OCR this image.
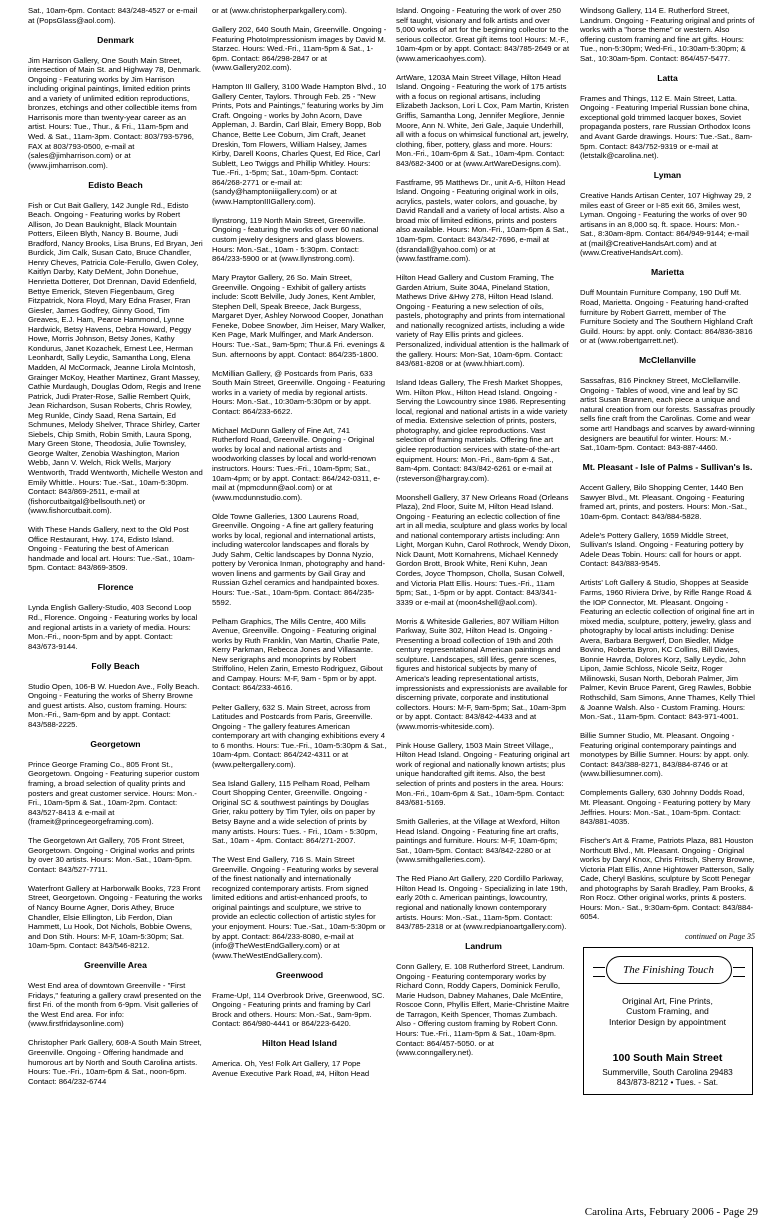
Sat., 10am-6pm. Contact: 843/248-4527 or e-mail at (PopsGlass@aol.com).
Denmark
Jim Harrison Gallery, One South Main Street, intersection of Main St. and Highway 78, Denmark. Ongoing - Featuring works by Jim Harrison including original paintings, limited edition prints and a variety of unlimited edition reproductions, bronzes, etchings and other collectible items from Harrisonis more than twenty-year career as an artist. Hours: Tue., Thur., & Fri., 11am-5pm and Wed. & Sat., 11am-3pm. Contact: 803/793-5796, FAX at 803/793-0500, e-mail at (sales@jimharrison.com) or at (www.jimharrison.com).
Edisto Beach
Fish or Cut Bait Gallery, 142 Jungle Rd., Edisto Beach. Ongoing - Featuring works by Robert Allison, Jo Dean Bauknight, Black Mountain Potters, Eileen Blyth, Nancy B. Bourne, Judi Bradford, Nancy Brooks, Lisa Bruns, Ed Bryan, Jeri Burdick, Jim Calk, Susan Cato, Bruce Chandler, Henry Cheves, Patricia Cole-Ferullo, Gwen Coley, Kaitlyn Darby, Katy DeMent, John Donehue, Henrietta Dotterer, Dot Drennan, David Edenfield, Bettye Emerick, Steven Fiegenbaum, Greg Fitzpatrick, Nora Floyd, Mary Edna Fraser, Fran Giesler, James Godfrey, Ginny Good, Tim Greaves, E.J. Ham, Pearce Hammond, Lynne Hardwick, Betsy Havens, Debra Howard, Peggy Howe, Morris Johnson, Betsy Jones, Kathy Kondurus, Janet Kozachek, Ernest Lee, Herman Leonhardt, Sally Leydic, Samantha Long, Elena Madden, Al McCormack, Jeanne Lirola McIntosh, Grainger McKoy, Heather Martinez, Grant Massey, Cathie Murdaugh, Douglas Odom, Regis and Irene Patrick, Judi Prater-Rose, Sallie Rembert Quirk, Jean Richardson, Susan Roberts, Chris Rowley, Meg Runkle, Cindy Saad, Rena Sartain, Ed Schmunes, Melody Shelver, Thrace Shirley, Carter Siebels, Chip Smith, Robin Smith, Laura Spong, Mary Green Stone, Theodosia, Julie Townsley, George Walter, Zenobia Washington, Marion Webb, Jann V. Welch, Rick Wells, Marjory Wentworth, Tradd Wentworth, Michelle Weston and Emily Whittle.. Hours: Tue.-Sat., 10am-5:30pm. Contact: 843/869-2511, e-mail at (fishorcutbaitgal@bellsouth.net) or (www.fishorcutbait.com).
With These Hands Gallery, next to the Old Post Office Restaurant, Hwy. 174, Edisto Island. Ongoing - Featuring the best of American handmade and local art. Hours: Tue.-Sat., 10am-5pm. Contact: 843/869-3509.
Florence
Lynda English Gallery-Studio, 403 Second Loop Rd., Florence. Ongoing - Featuring works by local and regional artists in a variety of media. Hours: Mon.-Fri., noon-5pm and by appt. Contact: 843/673-9144.
Folly Beach
Studio Open, 106-B W. Huedon Ave., Folly Beach. Ongoing - Featuring the works of Sherry Browne and guest artists. Also, custom framing. Hours: Mon.-Fri., 9am-6pm and by appt. Contact: 843/588-2225.
Georgetown
Prince George Framing Co., 805 Front St., Georgetown. Ongoing - Featuring superior custom framing, a broad selection of quality prints and posters and great customer service. Hours: Mon.-Fri., 10am-5pm & Sat., 10am-2pm. Contact: 843/527-8413 & e-mail at (frameit@princegeorgeframing.com).
The Georgetown Art Gallery, 705 Front Street, Georgetown. Ongoing - Original works and prints by over 30 artists. Hours: Mon.-Sat., 10am-5pm. Contact: 843/527-7711.
Waterfront Gallery at Harborwalk Books, 723 Front Street, Georgetown. Ongoing - Featuring the works of Nancy Bourne Agner, Doris Athey, Bruce Chandler, Elsie Ellington, Lib Ferdon, Dian Hammett, Lu Hook, Dot Nichols, Bobbie Owens, and Don Stih. Hours: M-F, 10am-5:30pm; Sat. 10am-5pm. Contact: 843/546-8212.
Greenville Area
West End area of downtown Greenville - "First Fridays," featuring a gallery crawl presented on the first Fri. of the month from 6-9pm. Visit galleries of the West End area. For info: (www.firstfridaysonline.com)
Christopher Park Gallery, 608-A South Main Street, Greenville. Ongoing - Offering handmade and humorous art by North and South Carolina artists. Hours: Tue.-Fri., 10am-6pm & Sat., noon-6pm. Contact: 864/232-6744
or at (www.christopherparkgallery.com).
Gallery 202, 640 South Main, Greenville. Ongoing - Featuring PhotoImpressionism images by David M. Starzec. Hours: Wed.-Fri., 11am-5pm & Sat., 1-6pm. Contact: 864/298-2847 or at (www.Gallery202.com).
Hampton III Gallery, 3100 Wade Hampton Blvd., 10 Gallery Center, Taylors. Through Feb. 25 - "New Prints, Pots and Paintings," featuring works by Jim Craft. Ongoing - works by John Acorn, Dave Appleman, J. Bardin, Carl Blair, Emery Bopp, Bob Chance, Bette Lee Coburn, Jim Craft, Jeanet Dreskin, Tom Flowers, William Halsey, James Kirby, Darell Koons, Charles Quest, Ed Rice, Carl Sublett, Leo Twiggs and Phillip Whitley. Hours: Tue.-Fri., 1-5pm; Sat., 10am-5pm. Contact: 864/268-2771 or e-mail at: (sandy@hamptoniiigallery.com) or at (www.HamptonIIIGallery.com).
Ilynstrong, 119 North Main Street, Greenville. Ongoing - featuring the works of over 60 national custom jewelry designers and glass blowers. Hours: Mon.-Sat., 10am - 5:30pm. Contact: 864/233-5900 or at (www.Ilynstrong.com).
Mary Praytor Gallery, 26 So. Main Street, Greenville. Ongoing - Exhibit of gallery artists include: Scott Belville, Judy Jones, Kent Ambler, Stephen Dell, Speak Breece, Jack Burgess, Margaret Dyer, Ashley Norwood Cooper, Jonathan Feneke, Dobee Snowber, Jim Heiser, Mary Walker, Ken Page, Mark Mulfinger, and Mark Anderson. Hours: Tue.-Sat., 9am-5pm; Thur.& Fri. evenings & Sun. afternoons by appt. Contact: 864/235-1800.
McMillian Gallery, @ Postcards from Paris, 633 South Main Street, Greenville. Ongoing - Featuring works in a variety of media by regional artists. Hours: Mon.-Sat., 10:30am-5:30pm or by appt. Contact: 864/233-6622.
Michael McDunn Gallery of Fine Art, 741 Rutherford Road, Greenville. Ongoing - Original works by local and national artists and woodworking classes by local and world-renown instructors. Hours: Tues.-Fri., 10am-5pm; Sat., 10am-4pm; or by appt. Contact: 864/242-0311, e-mail at (mpmcdunn@aol.com) or at (www.mcdunnstudio.com).
Olde Towne Galleries, 1300 Laurens Road, Greenville. Ongoing - A fine art gallery featuring works by local, regional and international artists, including watercolor landscapes and florals by Judy Sahm, Celtic landscapes by Donna Nyzio, pottery by Veronica Inman, photography and hand-woven linens and garments by Gail Gray and Russian Gzhel ceramics and handpainted boxes. Hours: Tue.-Sat., 10am-5pm. Contact: 864/235-5592.
Pelham Graphics, The Mills Centre, 400 Mills Avenue, Greenville. Ongoing - Featuring original works by Ruth Franklin, Van Martin, Charlie Pate, Kerry Parkman, Rebecca Jones and Villasante. New serigraphs and monoprints by Robert Striffolino, Helen Zarin, Ernesto Rodriguez, Gibout and Campay. Hours: M-F, 9am - 5pm or by appt. Contact: 864/233-4616.
Pelter Gallery, 632 S. Main Street, across from Latitudes and Postcards from Paris, Greenville. Ongoing - The gallery features American contemporary art with changing exhibitions every 4 to 6 months. Hours: Tue.-Fri., 10am-5:30pm & Sat., 10am-4pm. Contact: 864/242-4311 or at (www.peltergallery.com).
Sea Island Gallery, 115 Pelham Road, Pelham Court Shopping Center, Greenville. Ongoing - Original SC & southwest paintings by Douglas Grier, raku pottery by Tim Tyler, oils on paper by Betsy Bayne and a wide selection of prints by many artists. Hours: Tues. - Fri., 10am - 5:30pm, Sat., 10am - 4pm. Contact: 864/271-2007.
The West End Gallery, 716 S. Main Street Greenville. Ongoing - Featuring works by several of the finest nationally and internationally recognized contemporary artists. From signed limited editions and artist-enhanced proofs, to original paintings and sculpture, we strive to provide an eclectic collection of artistic styles for your enjoyment. Hours: Tue.-Sat., 10am-5:30pm or by appt. Contact: 864/233-8080, e-mail at (info@TheWestEndGallery.com) or at (www.TheWestEndGallery.com).
Greenwood
Frame-Up!, 114 Overbrook Drive, Greenwood, SC. Ongoing - Featuring prints and framing by Carl Brock and others. Hours: Mon.-Sat., 9am-9pm. Contact: 864/980-4441 or 864/223-6420.
Hilton Head Island
America. Oh, Yes! Folk Art Gallery, 17 Pope Avenue Executive Park Road, #4, Hilton Head
Island. Ongoing - Featuring the work of over 250 self taught, visionary and folk artists and over 5,000 works of art for the beginning collector to the serious collector. Great gift items too! Hours: M.-F., 10am-4pm or by appt. Contact: 843/785-2649 or at (www.americaohyes.com).
ArtWare, 1203A Main Street Village, Hilton Head Island. Ongoing - Featuring the work of 175 artists with a focus on regional artisans, including Elizabeth Jackson, Lori L Cox, Pam Martin, Kristen Griffis, Samantha Long, Jennifer Megliore, Jennie Moore, Ann N. White, Jeri Gale, Jaquie Underhill, all with a focus on whimsical functional art, jewelry, clothing, fiber, pottery, glass and more. Hours: Mon.-Fri., 10am-6pm & Sat., 10am-4pm. Contact: 843/682-3400 or at (www.ArtWareDesigns.com).
Fastframe, 95 Matthews Dr., unit A-6, Hilton Head Island. Ongoing - Featuring original work in oils, acrylics, pastels, water colors, and gouache, by David Randall and a variety of local artists. Also a broad mix of limited editions, prints and posters also available. Hours: Mon.-Fri., 10am-6pm & Sat., 10am-5pm. Contact: 843/342-7696, e-mail at (dsrandall@yahoo.com) or at (www.fastframe.com).
Hilton Head Gallery and Custom Framing, The Garden Atrium, Suite 304A, Pineland Station, Mathews Drive &Hwy 278, Hilton Head Island. Ongoing - Featuring a new selection of oils, pastels, photography and prints from international and nationally recognized artists, including a wide variety of Ray Ellis prints and giclees. Personalized, individual attention is the hallmark of the gallery. Hours: Mon-Sat, 10am-6pm. Contact: 843/681-8208 or at (www.hhiart.com).
Island Ideas Gallery, The Fresh Market Shoppes, Wm. Hilton Pkw., Hilton Head Island. Ongoing - Serving the Lowcountry since 1986. Representing local, regional and national artists in a wide variety of media. Extensive selection of prints, posters, photography, and giclee reproductions. Vast selection of framing materials. Offering fine art giclee reproduction services with state-of-the-art equipment. Hours: Mon.-Fri., 8am-6pm & Sat., 8am-4pm. Contact: 843/842-6261 or e-mail at (rsteverson@hargray.com).
Moonshell Gallery, 37 New Orleans Road (Orleans Plaza), 2nd Floor, Suite M, Hilton Head Island. Ongoing - Featuring an eclectic collection of fine art in all media, sculpture and glass works by local and national contemporary artists including: Ann Light, Morgan Kuhn, Carol Rothrock, Wendy Dixon, Nick Daunt, Mott Kornahrens, Michael Kennedy Gordon Brott, Brook White, Reni Kuhn, Jean Cordes, Joyce Thompson, Cholla, Susan Colwell, and Victoria Platt Ellis. Hours: Tues.-Fri., 11am 5pm; Sat., 1-5pm or by appt. Contact: 843/341-3339 or e-mail at (moon4shell@aol.com).
Morris & Whiteside Galleries, 807 William Hilton Parkway, Suite 302, Hilton Head Is. Ongoing - Presenting a broad collection of 19th and 20th century representational American paintings and sculpture. Landscapes, still lifes, genre scenes, figures and historical subjects by many of America's leading representational artists, impressionists and expressionists are available for discerning private, corporate and institutional collectors. Hours: M-F, 9am-5pm; Sat., 10am-3pm or by appt. Contact: 843/842-4433 and at (www.morris-whiteside.com).
Pink House Gallery, 1503 Main Street Village,, Hilton Head Island. Ongoing - Featuring original art work of regional and nationally known artists; plus unique handcrafted gift items. Also, the best selection of prints and posters in the area. Hours: Mon.-Fri., 10am-6pm & Sat., 10am-5pm. Contact: 843/681-5169.
Smith Galleries, at the Village at Wexford, Hilton Head Island. Ongoing - Featuring fine art crafts, paintings and furniture. Hours: M-F, 10am-6pm; Sat., 10am-5pm. Contact: 843/842-2280 or at (www.smithgalleries.com).
The Red Piano Art Gallery, 220 Cordillo Parkway, Hilton Head Is. Ongoing - Specializing in late 19th, early 20th c. American paintings, lowcountry, regional and nationally known contemporary artists. Hours: Mon.-Sat., 11am-5pm. Contact: 843/785-2318 or at (www.redpianoartgallery.com).
Landrum
Conn Gallery, E. 108 Rutherford Street, Landrum. Ongoing - Featuring contemporary works by Richard Conn, Roddy Capers, Dominick Ferullo, Marie Hudson, Dabney Mahanes, Dale McEntire, Roscoe Conn, Phyllis Elfert, Marie-Christine Maitre de Tarragon, Keith Spencer, Thomas Zumbach. Also - Offering custom framing by Robert Conn. Hours: Tue.-Fri., 11am-5pm & Sat., 10am-8pm. Contact: 864/457-5050. or at (www.conngallery.net).
Windsong Gallery, 114 E. Rutherford Street, Landrum. Ongoing - Featuring original and prints of works with a "horse theme" or western. Also offering custom framing and fine art gifts. Hours: Tue., non-5:30pm; Wed-Fri., 10:30am-5:30pm; & Sat., 10:30am-5pm. Contact: 864/457-5477.
Latta
Frames and Things, 112 E. Main Street, Latta. Ongoing - Featuring Imperial Russian bone china, exceptional gold trimmed lacquer boxes, Soviet propaganda posters, rare Russian Orthodox Icons and Avant Garde drawings. Hours: Tue.-Sat., 8am-5pm. Contact: 843/752-9319 or e-mail at (letstalk@carolina.net).
Lyman
Creative Hands Artisan Center, 107 Highway 29, 2 miles east of Greer or I-85 exit 66, 3miles west, Lyman. Ongoing - Featuring the works of over 90 artisans in an 8,000 sq. ft. space. Hours: Mon.-Sat., 8:30am-8pm. Contact: 864/949-9144; e-mail at (mail@CreativeHandsArt.com) and at (www.CreativeHandsArt.com).
Marietta
Duff Mountain Furniture Company, 190 Duff Mt. Road, Marietta. Ongoing - Featuring hand-crafted furniture by Robert Garrett, member of The Furniture Society and The Southern Highland Craft Guild. Hours: by appt. only. Contact: 864/836-3816 or at (www.robertgarrett.net).
McClellanville
Sassafras, 816 Pinckney Street, McClellanville. Ongoing - Tables of wood, vine and leaf by SC artist Susan Brannen, each piece a unique and natural creation from our forests. Sassafras proudly sells fine craft from the Carolinas. Come and wear some art! Handbags and scarves by award-winning designers are beautiful for winter. Hours: M.-Sat.,10am-5pm. Contact: 843-887-4460.
Mt. Pleasant - Isle of Palms - Sullivan's Is.
Accent Gallery, Bilo Shopping Center, 1440 Ben Sawyer Blvd., Mt. Pleasant. Ongoing - Featuring framed art, prints, and posters. Hours: Mon.-Sat., 10am-6pm. Contact: 843/884-5828.
Adele's Pottery Gallery, 1659 Middle Street, Sullivan's Island. Ongoing - Featuring pottery by Adele Deas Tobin. Hours: call for hours or appt. Contact: 843/883-9545.
Artists' Loft Gallery & Studio, Shoppes at Seaside Farms, 1960 Riviera Drive, by Rifle Range Road & the IOP Connector, Mt. Pleasant. Ongoing - Featuring an eclectic collection of original fine art in mixed media, sculpture, pottery, jewelry, glass and photography by local artists including: Denise Avera, Barbara Bergwerf, Don Biedler, Midge Bovino, Roberta Byron, KC Collins, Bill Davies, Bonnie Havrda, Dolores Korz, Sally Leydic, John Lipon, Jamie Schloss, Nicole Seitz, Roger Milinowski, Susan North, Deborah Palmer, Jim Palmer, Kevin Bruce Parent, Greg Rawles, Bobbie Rothschild, Sam Simons, Anne Thames, Kelly Thiel & Joanne Walsh. Also - Custom Framing. Hours: Mon.-Sat., 11am-5pm. Contact: 843-971-4001.
Billie Sumner Studio, Mt. Pleasant. Ongoing - Featuring original contemporary paintings and monotypes by Billie Sumner. Hours: by appt. only. Contact: 843/388-8271, 843/884-8746 or at (www.billiesumner.com).
Complements Gallery, 630 Johnny Dodds Road, Mt. Pleasant. Ongoing - Featuring pottery by Mary Jeffries. Hours: Mon.-Sat., 10am-5pm. Contact: 843/881-4035.
Fischer's Art & Frame, Patriots Plaza, 881 Houston Northcutt Blvd., Mt. Pleasant. Ongoing - Original works by Daryl Knox, Chris Fritsch, Sherry Browne, Victoria Platt Ellis, Anne Hightower Patterson, Sally Cade, Cheryl Baskins, sculpture by Scott Penegar and photographs by Sarah Bradley, Pam Brooks, & Ron Rocz. Other original works, prints & posters. Hours: Mon.- Sat., 9:30am-6pm. Contact: 843/884-6054.
continued on Page 35
The Finishing Touch
Original Art, Fine Prints,
Custom Framing, and
Interior Design by appointment
100 South Main Street
Summerville, South Carolina 29483
843/873-8212 • Tues. - Sat.
Carolina Arts, February 2006 - Page 29
